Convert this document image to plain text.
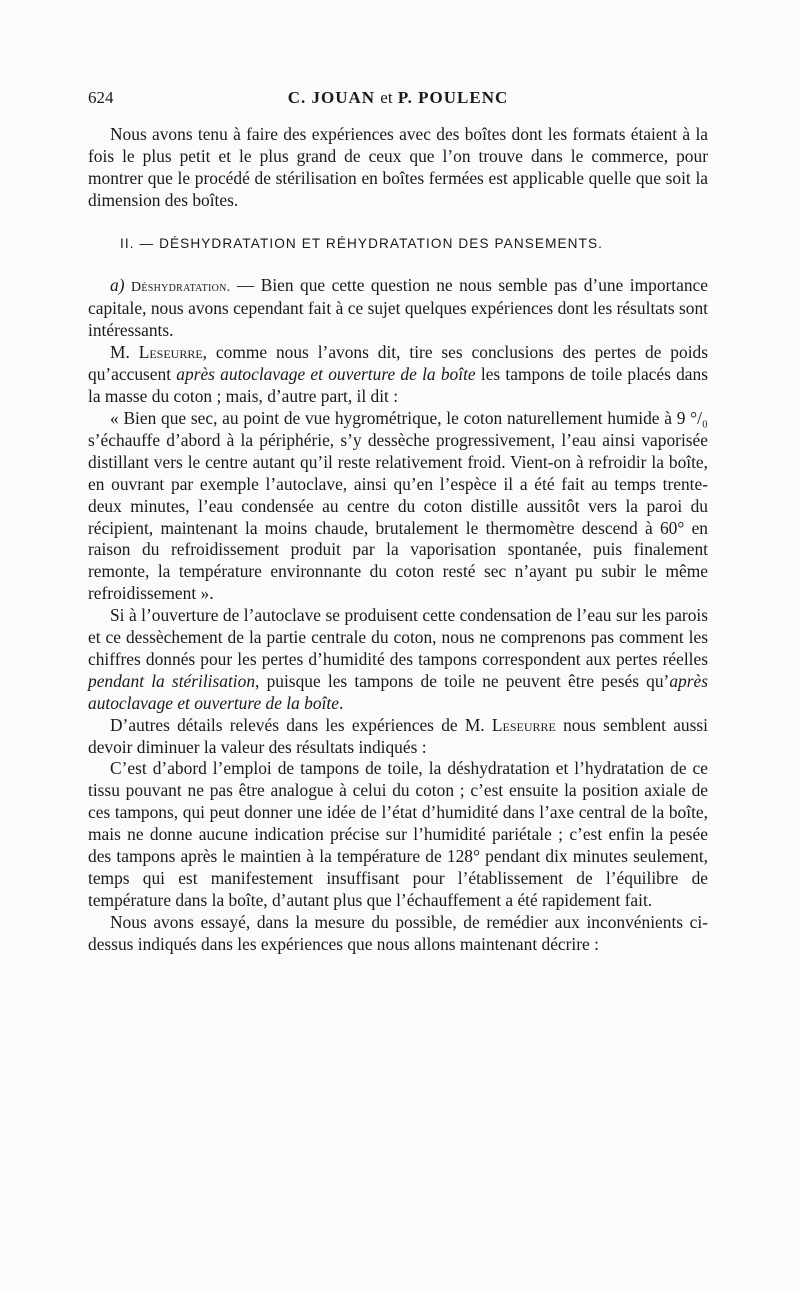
624	C. JOUAN et P. POULENC

Nous avons tenu à faire des expériences avec des boîtes dont les formats étaient à la fois le plus petit et le plus grand de ceux que l’on trouve dans le commerce, pour montrer que le procédé de stérilisation en boîtes fermées est applicable quelle que soit la dimension des boîtes.

II. — DÉSHYDRATATION ET RÉHYDRATATION DES PANSEMENTS.

a) Déshydratation. — Bien que cette question ne nous semble pas d’une importance capitale, nous avons cependant fait à ce sujet quelques expériences dont les résultats sont intéressants.

M. Leseurre, comme nous l’avons dit, tire ses conclusions des pertes de poids qu’accusent après autoclavage et ouverture de la boîte les tampons de toile placés dans la masse du coton ; mais, d’autre part, il dit :

« Bien que sec, au point de vue hygrométrique, le coton naturellement humide à 9 °/₀ s’échauffe d’abord à la périphérie, s’y dessèche progressivement, l’eau ainsi vaporisée distillant vers le centre autant qu’il reste relativement froid. Vient-on à refroidir la boîte, en ouvrant par exemple l’autoclave, ainsi qu’en l’espèce il a été fait au temps trente-deux minutes, l’eau condensée au centre du coton distille aussitôt vers la paroi du récipient, maintenant la moins chaude, brutalement le thermomètre descend à 60° en raison du refroidissement produit par la vaporisation spontanée, puis finalement remonte, la température environnante du coton resté sec n’ayant pu subir le même refroidissement ».

Si à l’ouverture de l’autoclave se produisent cette condensation de l’eau sur les parois et ce dessèchement de la partie centrale du coton, nous ne comprenons pas comment les chiffres donnés pour les pertes d’humidité des tampons correspondent aux pertes réelles pendant la stérilisation, puisque les tampons de toile ne peuvent être pesés qu’après autoclavage et ouverture de la boîte.

D’autres détails relevés dans les expériences de M. Leseurre nous semblent aussi devoir diminuer la valeur des résultats indiqués :

C’est d’abord l’emploi de tampons de toile, la déshydratation et l’hydratation de ce tissu pouvant ne pas être analogue à celui du coton ; c’est ensuite la position axiale de ces tampons, qui peut donner une idée de l’état d’humidité dans l’axe central de la boîte, mais ne donne aucune indication précise sur l’humidité pariétale ; c’est enfin la pesée des tampons après le maintien à la température de 128° pendant dix minutes seulement, temps qui est manifestement insuffisant pour l’établissement de l’équilibre de température dans la boîte, d’autant plus que l’échauffement a été rapidement fait.

Nous avons essayé, dans la mesure du possible, de remédier aux inconvénients ci-dessus indiqués dans les expériences que nous allons maintenant décrire :
